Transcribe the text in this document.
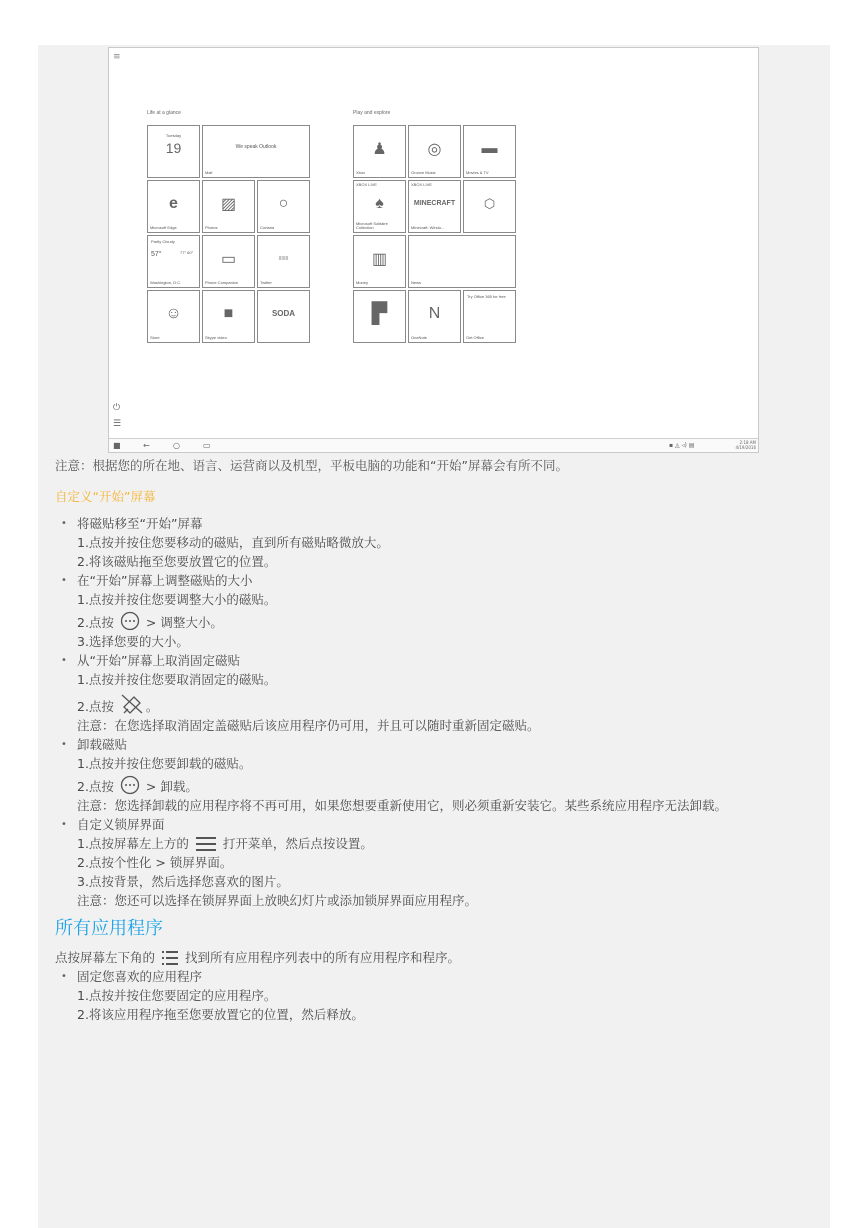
≡
Life at a glance	Play and explore
Tuesday
19	We speak Outlook
Mail
e
Microsoft Edge
▨
Photos
○
Cortana
Partly Cloudy
57°	77° 60°
Washington, D.C.
▭
Phone Companion
≣≣≣
Twitter
☺
Store
■
Skype video
SODA
♟
Xbox
◎
Groove Music
▬
Movies & TV
XBOX LIVE
♠
Microsoft Solitaire Collection
XBOX LIVE
MINECRAFT
Minecraft: Windo...
⬡
▥
Money	News
▛	N
OneNote
Try Office 365 for free
Get Office
⏻
☰
■	←	○	▭	▪ ◬ ◃) ▤	2:18 AM
4/19/2016
注意：根据您的所在地、语言、运营商以及机型，平板电脑的功能和“开始”屏幕会有所不同。
自定义“开始”屏幕
• 将磁贴移至“开始”屏幕
1.点按并按住您要移动的磁贴，直到所有磁贴略微放大。
2.将该磁贴拖至您要放置它的位置。
• 在“开始”屏幕上调整磁贴的大小
1.点按并按住您要调整大小的磁贴。
2.点按	> 调整大小。
3.选择您要的大小。
• 从“开始”屏幕上取消固定磁贴
1.点按并按住您要取消固定的磁贴。
2.点按	。
注意：在您选择取消固定盖磁贴后该应用程序仍可用，并且可以随时重新固定磁贴。
• 卸载磁贴
1.点按并按住您要卸载的磁贴。
2.点按	> 卸载。
注意：您选择卸载的应用程序将不再可用，如果您想要重新使用它，则必须重新安装它。某些系统应用程序无法卸载。
• 自定义锁屏界面
1.点按屏幕左上方的	打开菜单，然后点按设置。
2.点按个性化 > 锁屏界面。
3.点按背景，然后选择您喜欢的图片。
注意：您还可以选择在锁屏界面上放映幻灯片或添加锁屏界面应用程序。
所有应用程序
点按屏幕左下角的 找到所有应用程序列表中的所有应用程序和程序。
• 固定您喜欢的应用程序
1.点按并按住您要固定的应用程序。
2.将该应用程序拖至您要放置它的位置，然后释放。
